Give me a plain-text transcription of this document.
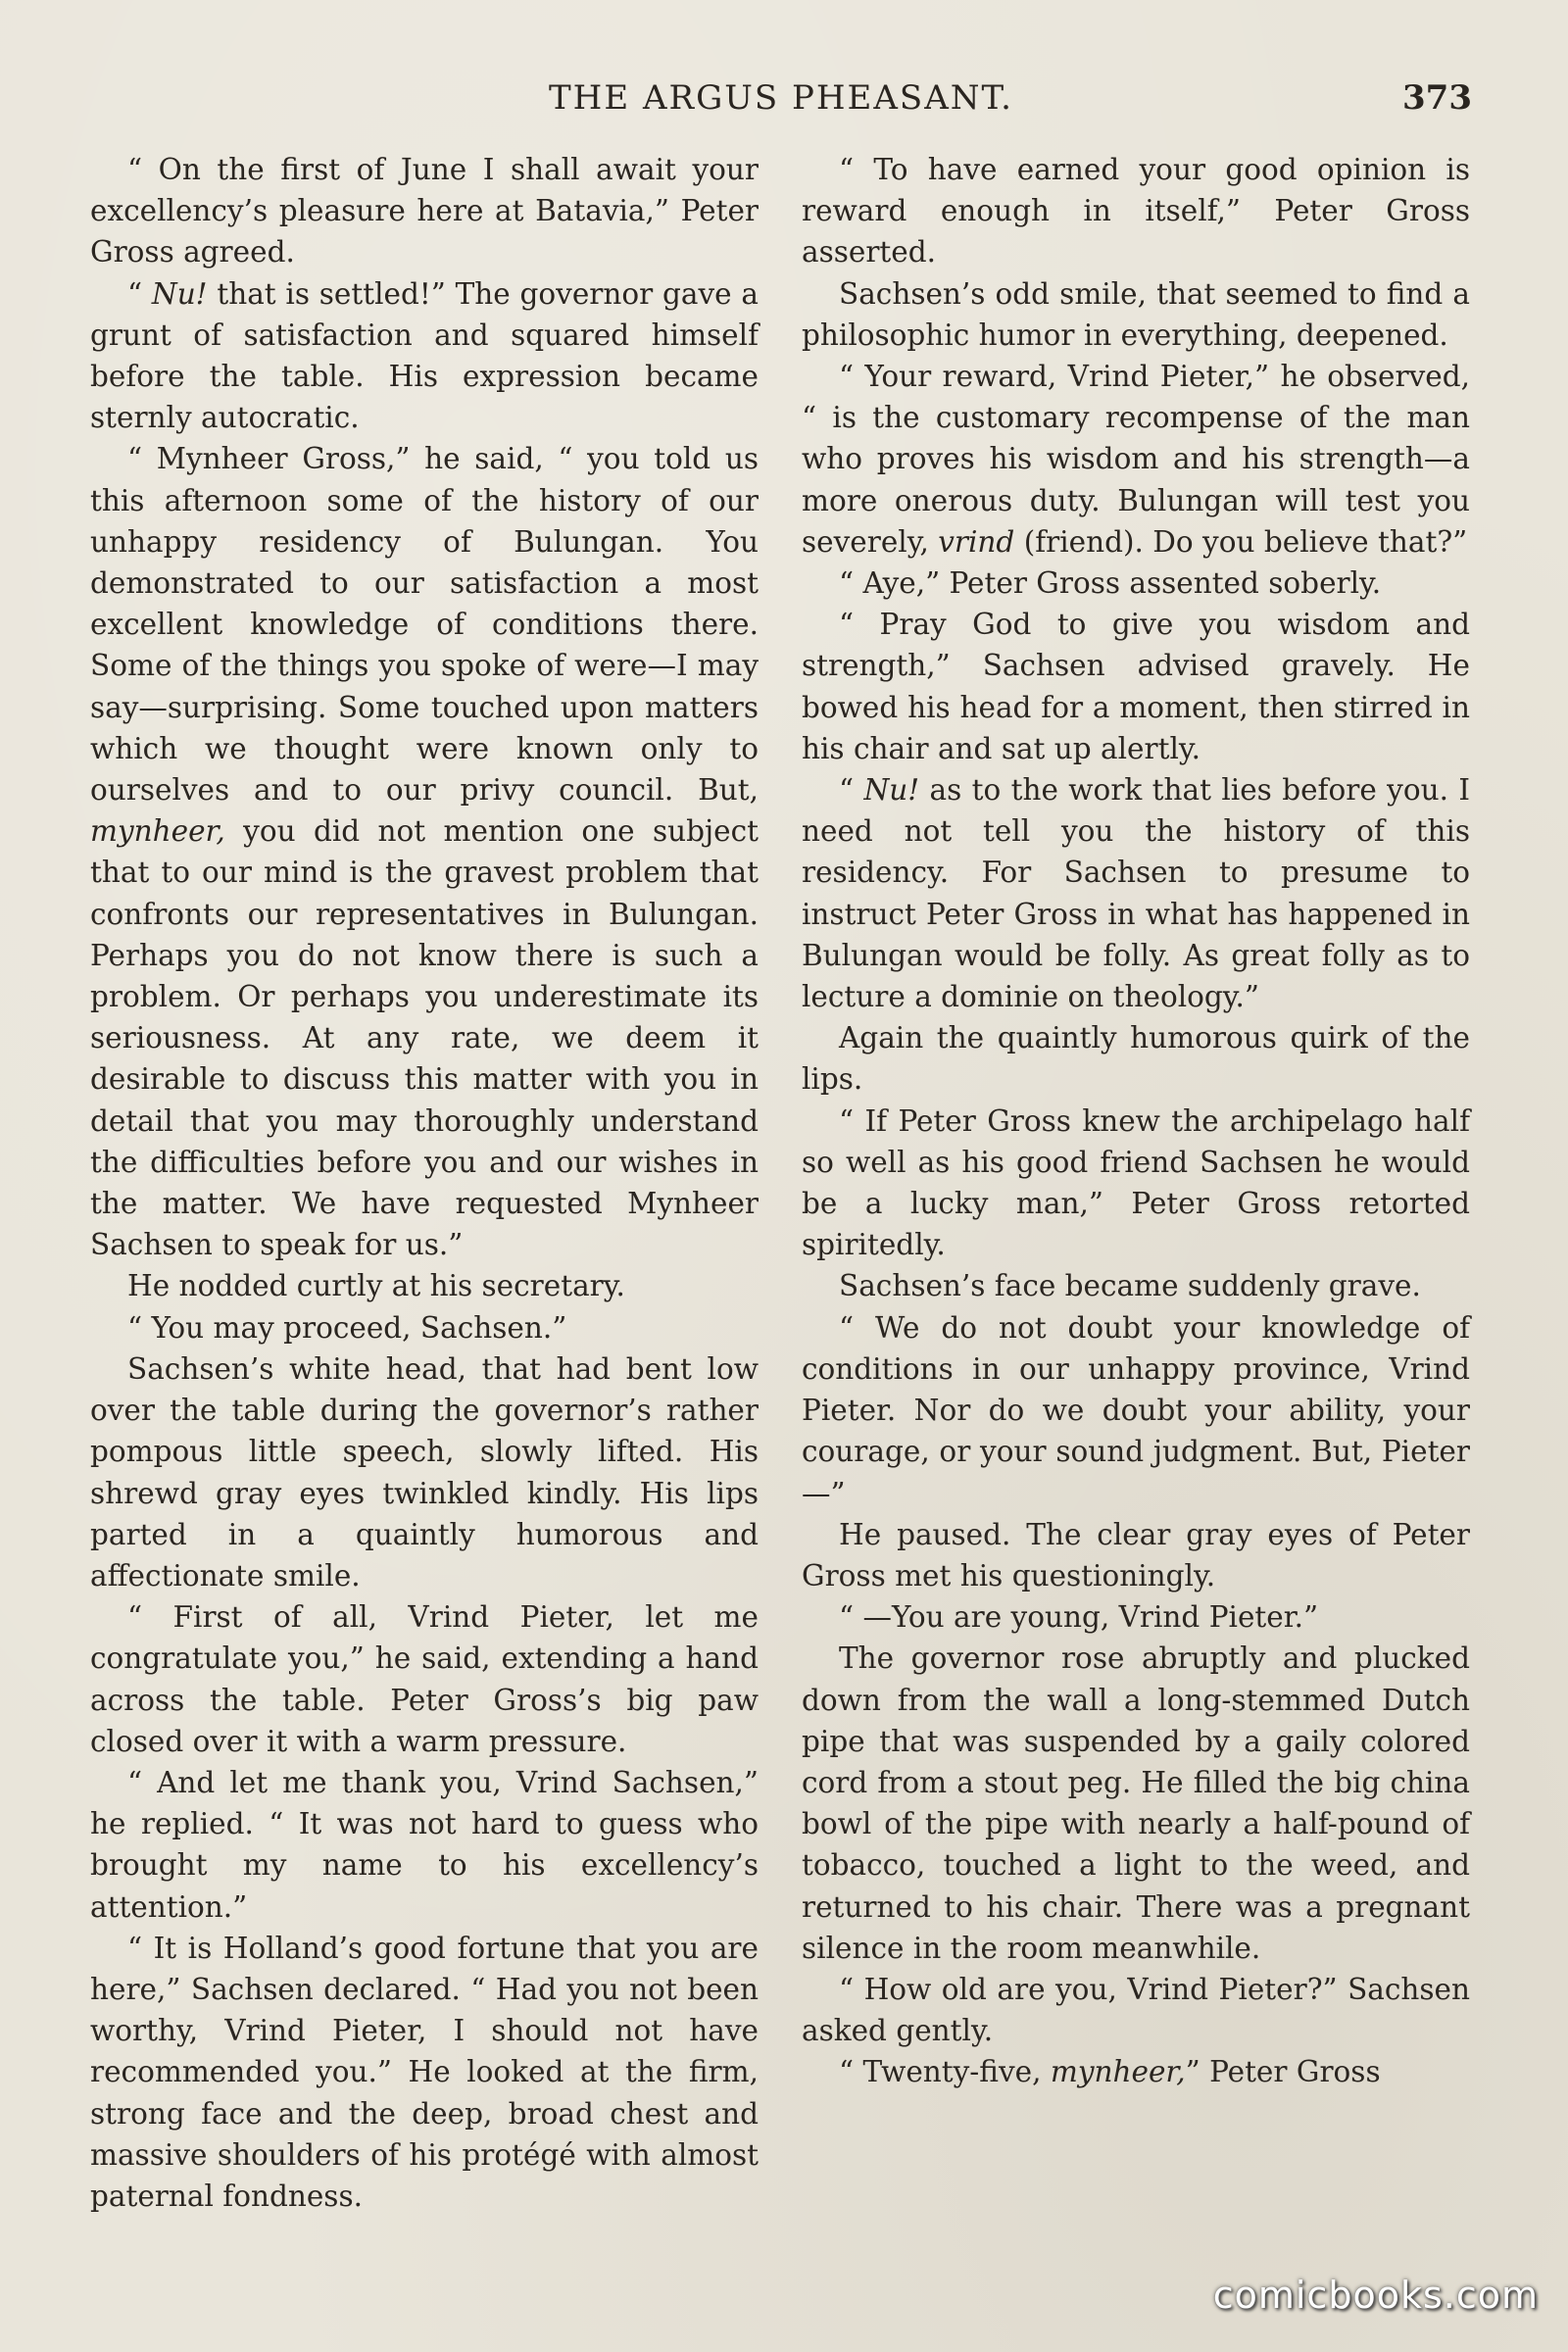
THE ARGUS PHEASANT.	373

“ On the first of June I shall await your excellency’s pleasure here at Batavia,” Peter Gross agreed.

“ Nu! that is settled!” The governor gave a grunt of satisfaction and squared himself before the table. His expression became sternly autocratic.

“ Mynheer Gross,” he said, “ you told us this afternoon some of the history of our unhappy residency of Bulungan. You demonstrated to our satisfaction a most excellent knowledge of conditions there. Some of the things you spoke of were—I may say—surprising. Some touched upon matters which we thought were known only to ourselves and to our privy council. But, mynheer, you did not mention one subject that to our mind is the gravest problem that confronts our representatives in Bulungan. Perhaps you do not know there is such a problem. Or perhaps you underestimate its seriousness. At any rate, we deem it desirable to discuss this matter with you in detail that you may thoroughly understand the difficulties before you and our wishes in the matter. We have requested Mynheer Sachsen to speak for us.”

He nodded curtly at his secretary.

“ You may proceed, Sachsen.”

Sachsen’s white head, that had bent low over the table during the governor’s rather pompous little speech, slowly lifted. His shrewd gray eyes twinkled kindly. His lips parted in a quaintly humorous and affectionate smile.

“ First of all, Vrind Pieter, let me congratulate you,” he said, extending a hand across the table. Peter Gross’s big paw closed over it with a warm pressure.

“ And let me thank you, Vrind Sachsen,” he replied. “ It was not hard to guess who brought my name to his excellency’s attention.”

“ It is Holland’s good fortune that you are here,” Sachsen declared. “ Had you not been worthy, Vrind Pieter, I should not have recommended you.” He looked at the firm, strong face and the deep, broad chest and massive shoulders of his protégé with almost paternal fondness.

“ To have earned your good opinion is reward enough in itself,” Peter Gross asserted.

Sachsen’s odd smile, that seemed to find a philosophic humor in everything, deepened.

“ Your reward, Vrind Pieter,” he observed, “ is the customary recompense of the man who proves his wisdom and his strength—a more onerous duty. Bulungan will test you severely, vrind (friend). Do you believe that?”

“ Aye,” Peter Gross assented soberly.

“ Pray God to give you wisdom and strength,” Sachsen advised gravely. He bowed his head for a moment, then stirred in his chair and sat up alertly.

“ Nu! as to the work that lies before you. I need not tell you the history of this residency. For Sachsen to presume to instruct Peter Gross in what has happened in Bulungan would be folly. As great folly as to lecture a dominie on theology.”

Again the quaintly humorous quirk of the lips.

“ If Peter Gross knew the archipelago half so well as his good friend Sachsen he would be a lucky man,” Peter Gross retorted spiritedly.

Sachsen’s face became suddenly grave.

“ We do not doubt your knowledge of conditions in our unhappy province, Vrind Pieter. Nor do we doubt your ability, your courage, or your sound judgment. But, Pieter—”

He paused. The clear gray eyes of Peter Gross met his questioningly.

“ —You are young, Vrind Pieter.”

The governor rose abruptly and plucked down from the wall a long-stemmed Dutch pipe that was suspended by a gaily colored cord from a stout peg. He filled the big china bowl of the pipe with nearly a half-pound of tobacco, touched a light to the weed, and returned to his chair. There was a pregnant silence in the room meanwhile.

“ How old are you, Vrind Pieter?” Sachsen asked gently.

“ Twenty-five, mynheer,” Peter Gross

comicbooks.com
